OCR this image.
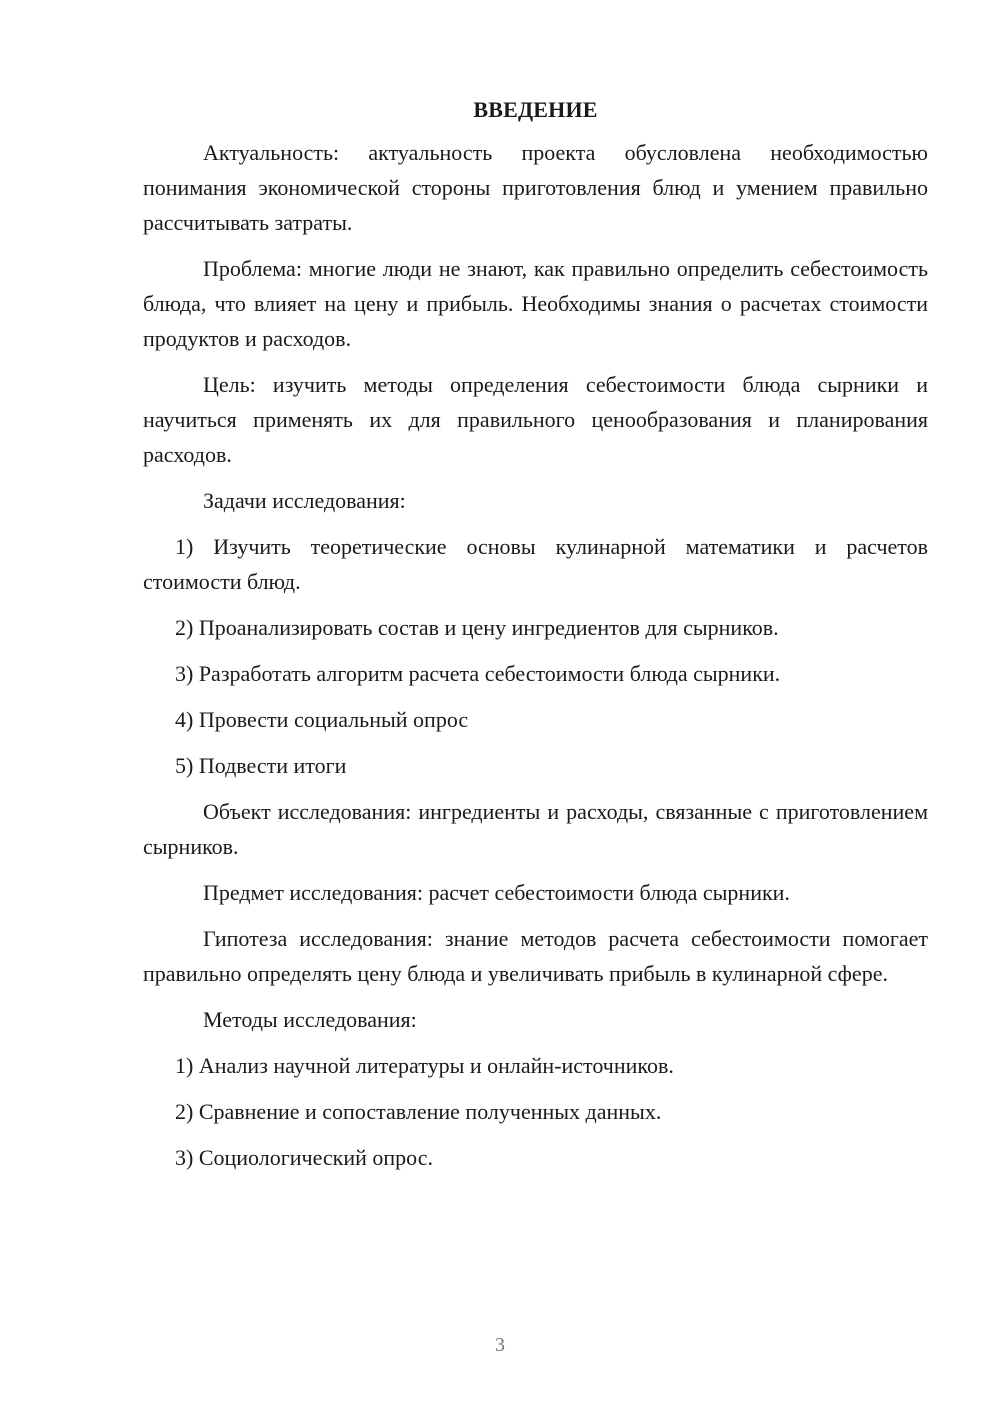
ВВЕДЕНИЕ

Актуальность: актуальность проекта обусловлена необходимостью понимания экономической стороны приготовления блюд и умением правильно рассчитывать затраты.

Проблема: многие люди не знают, как правильно определить себестоимость блюда, что влияет на цену и прибыль. Необходимы знания о расчетах стоимости продуктов и расходов.

Цель: изучить методы определения себестоимости блюда сырники и научиться применять их для правильного ценообразования и планирования расходов.

Задачи исследования:

1) Изучить теоретические основы кулинарной математики и расчетов стоимости блюд.

2) Проанализировать состав и цену ингредиентов для сырников.

3) Разработать алгоритм расчета себестоимости блюда сырники.

4) Провести социальный опрос

5) Подвести итоги

Объект исследования: ингредиенты и расходы, связанные с приготовлением сырников.

Предмет исследования: расчет себестоимости блюда сырники.

Гипотеза исследования: знание методов расчета себестоимости помогает правильно определять цену блюда и увеличивать прибыль в кулинарной сфере.

Методы исследования:

1) Анализ научной литературы и онлайн-источников.

2) Сравнение и сопоставление полученных данных.

3) Социологический опрос.

3
